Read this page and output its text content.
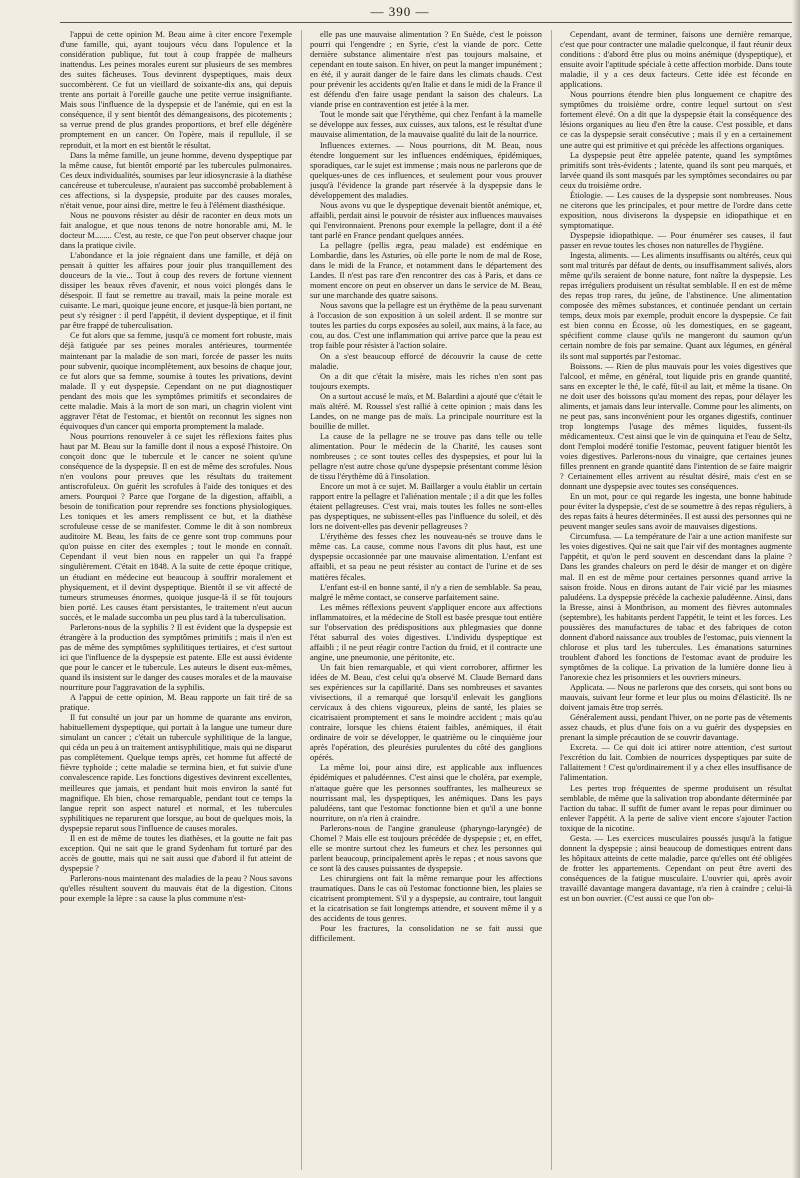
— 390 —

l'appui de cette opinion M. Beau aime à citer encore l'exemple d'une famille, qui, ayant toujours vécu dans l'opulence et la considération publique, fut tout à coup frappée de malheurs inattendus. Les peines morales eurent sur plusieurs de ses membres des suites fâcheuses. Tous devinrent dyspeptiques, mais deux succombèrent. Ce fut un vieillard de soixante-dix ans, qui depuis trente ans portait à l'oreille gauche une petite verrue insignifiante. Mais sous l'influence de la dyspepsie et de l'anémie, qui en est la conséquence, il y sent bientôt des démangeaisons, des picotements ; sa verrue prend de plus grandes proportions, et bref elle dégénère promptement en un cancer. On l'opère, mais il repullule, il se reproduit, et la mort en est bientôt le résultat.

Dans la même famille, un jeune homme, devenu dyspeptique par la même cause, fut bientôt emporté par les tubercules pulmonaires. Ces deux individualités, soumises par leur idiosyncrasie à la diathèse cancéreuse et tuberculeuse, n'auraient pas succombé probablement à ces affections, si la dyspepsie, produite par des causes morales, n'était venue, pour ainsi dire, mettre le feu à l'élément diasthésique.

Nous ne pouvons résister au désir de raconter en deux mots un fait analogue, et que nous tenons de notre honorable ami, M. le docteur M........ C'est, au reste, ce que l'on peut observer chaque jour dans la pratique civile.

L'abondance et la joie régnaient dans une famille, et déjà on pensait à quitter les affaires pour jouir plus tranquillement des douceurs de la vie... Tout à coup des revers de fortune viennent dissiper les beaux rêves d'avenir, et nous voici plongés dans le désespoir. Il faut se remettre au travail, mais la peine morale est cuisante. Le mari, quoique jeune encore, et jusque-là bien portant, ne peut s'y résigner : il perd l'appétit, il devient dyspeptique, et il finit par être frappé de tuberculisation.

Ce fut alors que sa femme, jusqu'à ce moment fort robuste, mais déjà fatiguée par ses peines morales antérieures, tourmentée maintenant par la maladie de son mari, forcée de passer les nuits pour subvenir, quoique incomplètement, aux besoins de chaque jour, ce fut alors que sa femme, soumise à toutes les privations, devint malade. Il y eut dyspepsie. Cependant on ne put diagnostiquer pendant des mois que les symptômes primitifs et secondaires de cette maladie. Mais à la mort de son mari, un chagrin violent vint aggraver l'état de l'estomac, et bientôt on reconnut les signes non équivoques d'un cancer qui emporta promptement la malade.

Nous pourrions renouveler à ce sujet les réflexions faites plus haut par M. Beau sur la famille dont il nous a exposé l'histoire. On conçoit donc que le tubercule et le cancer ne soient qu'une conséquence de la dyspepsie. Il en est de même des scrofules. Nous n'en voulons pour preuves que les résultats du traitement antiscrofuleux. On guérit les scrofules à l'aide des toniques et des amers. Pourquoi ? Parce que l'organe de la digestion, affaibli, a besoin de tonification pour reprendre ses fonctions physiologiques. Les toniques et les amers remplissent ce but, et la diathèse scrofuleuse cesse de se manifester. Comme le dit à son nombreux auditoire M. Beau, les faits de ce genre sont trop communs pour qu'on puisse en citer des exemples ; tout le monde en connaît. Cependant il veut bien nous en rappeler un qui l'a frappé singulièrement. C'était en 1848. A la suite de cette époque critique, un étudiant en médecine eut beaucoup à souffrir moralement et physiquement, et il devint dyspeptique. Bientôt il se vit affecté de tumeurs strumeuses énormes, quoique jusque-là il se fût toujours bien porté. Les causes étant persistantes, le traitement n'eut aucun succès, et le malade succomba un peu plus tard à la tuberculisation.

Parlerons-nous de la syphilis ? Il est évident que la dyspepsie est étrangère à la production des symptômes primitifs ; mais il n'en est pas de même des symptômes syphilitiques tertiaires, et c'est surtout ici que l'influence de la dyspepsie est patente. Elle est aussi évidente que pour le cancer et le tubercule. Les auteurs le disent eux-mêmes, quand ils insistent sur le danger des causes morales et de la mauvaise nourriture pour l'aggravation de la syphilis.

A l'appui de cette opinion, M. Beau rapporte un fait tiré de sa pratique.

Il fut consulté un jour par un homme de quarante ans environ, habituellement dyspeptique, qui portait à la langue une tumeur dure simulant un cancer ; c'était un tubercule syphilitique de la langue, qui céda un peu à un traitement antisyphilitique, mais qui ne disparut pas complètement. Quelque temps après, cet homme fut affecté de fièvre typhoïde ; cette maladie se termina bien, et fut suivie d'une convalescence rapide. Les fonctions digestives devinrent excellentes, meilleures que jamais, et pendant huit mois environ la santé fut magnifique. Eh bien, chose remarquable, pendant tout ce temps la langue reprit son aspect naturel et normal, et les tubercules syphilitiques ne reparurent que lorsque, au bout de quelques mois, la dyspepsie reparut sous l'influence de causes morales.

Il en est de même de toutes les diathèses, et la goutte ne fait pas exception. Qui ne sait que le grand Sydenham fut torturé par des accès de goutte, mais qui ne sait aussi que d'abord il fut atteint de dyspepsie ?

Parlerons-nous maintenant des maladies de la peau ? Nous savons qu'elles résultent souvent du mauvais état de la digestion. Citons pour exemple la lèpre : sa cause la plus commune n'est-

elle pas une mauvaise alimentation ? En Suède, c'est le poisson pourri qui l'engendre ; en Syrie, c'est la viande de porc. Cette dernière substance alimentaire n'est pas toujours malsaine, et cependant en toute saison. En hiver, on peut la manger impunément ; en été, il y aurait danger de le faire dans les climats chauds. C'est pour prévenir les accidents qu'en Italie et dans le midi de la France il est défendu d'en faire usage pendant la saison des chaleurs. La viande prise en contravention est jetée à la mer.

Tout le monde sait que l'érythème, qui chez l'enfant à la mamelle se développe aux fesses, aux cuisses, aux talons, est le résultat d'une mauvaise alimentation, de la mauvaise qualité du lait de la nourrice.

Influences externes. — Nous pourrions, dit M. Beau, nous étendre longuement sur les influences endémiques, épidémiques, sporadiques, car le sujet est immense ; mais nous ne parlerons que de quelques-unes de ces influences, et seulement pour vous prouver jusqu'à l'évidence la grande part réservée à la dyspepsie dans le développement des maladies.

Nous avons vu que le dyspeptique devenait bientôt anémique, et, affaibli, perdait ainsi le pouvoir de résister aux influences mauvaises qui l'environnaient. Prenons pour exemple la pellagre, dont il a été tant parlé en France pendant quelques années.

La pellagre (pellis ægra, peau malade) est endémique en Lombardie, dans les Asturies, où elle porte le nom de mal de Rose, dans le midi de la France, et notamment dans le département des Landes. Il n'est pas rare d'en rencontrer des cas à Paris, et dans ce moment encore on peut en observer un dans le service de M. Beau, sur une marchande des quatre saisons.

Nous savons que la pellagre est un érythème de la peau survenant à l'occasion de son exposition à un soleil ardent. Il se montre sur toutes les parties du corps exposées au soleil, aux mains, à la face, au cou, au dos. C'est une inflammation qui arrive parce que la peau est trop faible pour résister à l'action solaire.

On a s'est beaucoup efforcé de découvrir la cause de cette maladie.

On a dit que c'était la misère, mais les riches n'en sont pas toujours exempts.

On a surtout accusé le maïs, et M. Balardini a ajouté que c'était le maïs altéré. M. Roussel s'est rallié à cette opinion ; mais dans les Landes, on ne mange pas de maïs. La principale nourriture est la bouillie de millet.

La cause de la pellagre ne se trouve pas dans telle ou telle alimentation. Pour le médecin de la Charité, les causes sont nombreuses ; ce sont toutes celles des dyspepsies, et pour lui la pellagre n'est autre chose qu'une dyspepsie présentant comme lésion de tissu l'érythème dû à l'insolation.

Encore un mot à ce sujet. M. Baillarger a voulu établir un certain rapport entre la pellagre et l'aliénation mentale ; il a dit que les folles étaient pellagreuses. C'est vrai, mais toutes les folles ne sont-elles pas dyspeptiques, ne subissent-elles pas l'influence du soleil, et dès lors ne doivent-elles pas devenir pellagreuses ?

L'érythème des fesses chez les nouveau-nés se trouve dans le même cas. La cause, comme nous l'avons dit plus haut, est une dyspepsie occasionnée par une mauvaise alimentation. L'enfant est affaibli, et sa peau ne peut résister au contact de l'urine et de ses matières fécales.

L'enfant est-il en bonne santé, il n'y a rien de semblable. Sa peau, malgré le même contact, se conserve parfaitement saine.

Les mêmes réflexions peuvent s'appliquer encore aux affections inflammatoires, et la médecine de Stoll est basée presque tout entière sur l'observation des prédispositions aux phlegmasies que donne l'état saburral des voies digestives. L'individu dyspeptique est affaibli ; il ne peut réagir contre l'action du froid, et il contracte une angine, une pneumonie, une péritonite, etc.

Un fait bien remarquable, et qui vient corroborer, affirmer les idées de M. Beau, c'est celui qu'a observé M. Claude Bernard dans ses expériences sur la capillarité. Dans ses nombreuses et savantes vivisections, il a remarqué que lorsqu'il enlevait les ganglions cervicaux à des chiens vigoureux, pleins de santé, les plaies se cicatrisaient promptement et sans le moindre accident ; mais qu'au contraire, lorsque les chiens étaient faibles, anémiques, il était ordinaire de voir se développer, le quatrième ou le cinquième jour après l'opération, des pleurésies purulentes du côté des ganglions opérés.

La même loi, pour ainsi dire, est applicable aux influences épidémiques et paludéennes. C'est ainsi que le choléra, par exemple, n'attaque guère que les personnes souffrantes, les malheureux se nourrissant mal, les dyspeptiques, les anémiques. Dans les pays paludéens, tant que l'estomac fonctionne bien et qu'il a une bonne nourriture, on n'a rien à craindre.

Parlerons-nous de l'angine granuleuse (pharyngo-laryngée) de Chomel ? Mais elle est toujours précédée de dyspepsie ; et, en effet, elle se montre surtout chez les fumeurs et chez les personnes qui parlent beaucoup, principalement après le repas ; et nous savons que ce sont là des causes puissantes de dyspepsie.

Les chirurgiens ont fait la même remarque pour les affections traumatiques. Dans le cas où l'estomac fonctionne bien, les plaies se cicatrisent promptement. S'il y a dyspepsie, au contraire, tout languit et la cicatrisation se fait longtemps attendre, et souvent même il y a des accidents de tous genres.

Pour les fractures, la consolidation ne se fait aussi que difficilement.

Cependant, avant de terminer, faisons une dernière remarque, c'est que pour contracter une maladie quelconque, il faut réunir deux conditions : d'abord être plus ou moins anémique (dyspeptique), et ensuite avoir l'aptitude spéciale à cette affection morbide. Dans toute maladie, il y a ces deux facteurs. Cette idée est féconde en applications.

Nous pourrions étendre bien plus longuement ce chapitre des symptômes du troisième ordre, contre lequel surtout on s'est fortement élevé. On a dit que la dyspepsie était la conséquence des lésions organiques au lieu d'en être la cause. C'est possible, et dans ce cas la dyspepsie serait consécutive ; mais il y en a certainement une autre qui est primitive et qui précède les affections organiques.

La dyspepsie peut être appelée patente, quand les symptômes primitifs sont très-évidents ; latente, quand ils sont peu marqués, et larvée quand ils sont masqués par les symptômes secondaires ou par ceux du troisième ordre.

Étiologie. — Les causes de la dyspepsie sont nombreuses. Nous ne citerons que les principales, et pour mettre de l'ordre dans cette exposition, nous diviserons la dyspepsie en idiopathique et en symptomatique.

Dyspepsie idiopathique. — Pour énumérer ses causes, il faut passer en revue toutes les choses non naturelles de l'hygiène.

Ingesta, aliments. — Les aliments insuffisants ou altérés, ceux qui sont mal triturés par défaut de dents, ou insuffisamment salivés, alors même qu'ils seraient de bonne nature, font naître la dyspepsie. Les repas irréguliers produisent un résultat semblable. Il en est de même des repas trop rares, du jeûne, de l'abstinence. Une alimentation composée des mêmes substances, et continuée pendant un certain temps, deux mois par exemple, produit encore la dyspepsie. Ce fait est bien connu en Écosse, où les domestiques, en se gageant, spécifient comme clause qu'ils ne mangeront du saumon qu'un certain nombre de fois par semaine. Quant aux légumes, en général ils sont mal supportés par l'estomac.

Boissons. — Rien de plus mauvais pour les voies digestives que l'alcool, et même, en général, tout liquide pris en grande quantité, sans en excepter le thé, le café, fût-il au lait, et même la tisane. On ne doit user des boissons qu'au moment des repas, pour délayer les aliments, et jamais dans leur intervalle. Comme pour les aliments, on ne peut pas, sans inconvénient pour les organes digestifs, continuer trop longtemps l'usage des mêmes liquides, fussent-ils médicamenteux. C'est ainsi que le vin de quinquina et l'eau de Seltz, dont l'emploi modéré tonifie l'estomac, peuvent fatiguer bientôt les voies digestives. Parlerons-nous du vinaigre, que certaines jeunes filles prennent en grande quantité dans l'intention de se faire maigrir ? Certainement elles arrivent au résultat désiré, mais c'est en se donnant une dyspepsie avec toutes ses conséquences.

En un mot, pour ce qui regarde les ingesta, une bonne habitude pour éviter la dyspepsie, c'est de se soumettre à des repas réguliers, à des repas faits à heures déterminées. Il est aussi des personnes qui ne peuvent manger seules sans avoir de mauvaises digestions.

Circumfusa. — La température de l'air a une action manifeste sur les voies digestives. Qui ne sait que l'air vif des montagnes augmente l'appétit, et qu'on le perd souvent en descendant dans la plaine ? Dans les grandes chaleurs on perd le désir de manger et on digère mal. Il en est de même pour certaines personnes quand arrive la saison froide. Nous en dirons autant de l'air vicié par les miasmes paludéens. La dyspepsie précède la cachexie paludéenne. Ainsi, dans la Bresse, ainsi à Montbrison, au moment des fièvres automnales (septembre), les habitants perdent l'appétit, le teint et les forces. Les poussières des manufactures de tabac et des fabriques de coton donnent d'abord naissance aux troubles de l'estomac, puis viennent la chlorose et plus tard les tubercules. Les émanations saturnines troublent d'abord les fonctions de l'estomac avant de produire les symptômes de la colique. La privation de la lumière donne lieu à l'anorexie chez les prisonniers et les ouvriers mineurs.

Applicata. — Nous ne parlerons que des corsets, qui sont bons ou mauvais, suivant leur forme et leur plus ou moins d'élasticité. Ils ne doivent jamais être trop serrés.

Généralement aussi, pendant l'hiver, on ne porte pas de vêtements assez chauds, et plus d'une fois on a vu guérir des dyspepsies en prenant la simple précaution de se couvrir davantage.

Excreta. — Ce qui doit ici attirer notre attention, c'est surtout l'excrétion du lait. Combien de nourrices dyspeptiques par suite de l'allaitement ! C'est qu'ordinairement il y a chez elles insuffisance de l'alimentation.

Les pertes trop fréquentes de sperme produisent un résultat semblable, de même que la salivation trop abondante déterminée par l'action du tabac. Il suffit de fumer avant le repas pour diminuer ou enlever l'appétit. A la perte de salive vient encore s'ajouter l'action toxique de la nicotine.

Gesta. — Les exercices musculaires poussés jusqu'à la fatigue donnent la dyspepsie ; ainsi beaucoup de domestiques entrent dans les hôpitaux atteints de cette maladie, parce qu'elles ont été obligées de frotter les appartements. Cependant on peut être averti des conséquences de la fatigue musculaire. L'ouvrier qui, après avoir travaillé davantage mangera davantage, n'a rien à craindre ; celui-là est un bon ouvrier. (C'est aussi ce que l'on ob-
